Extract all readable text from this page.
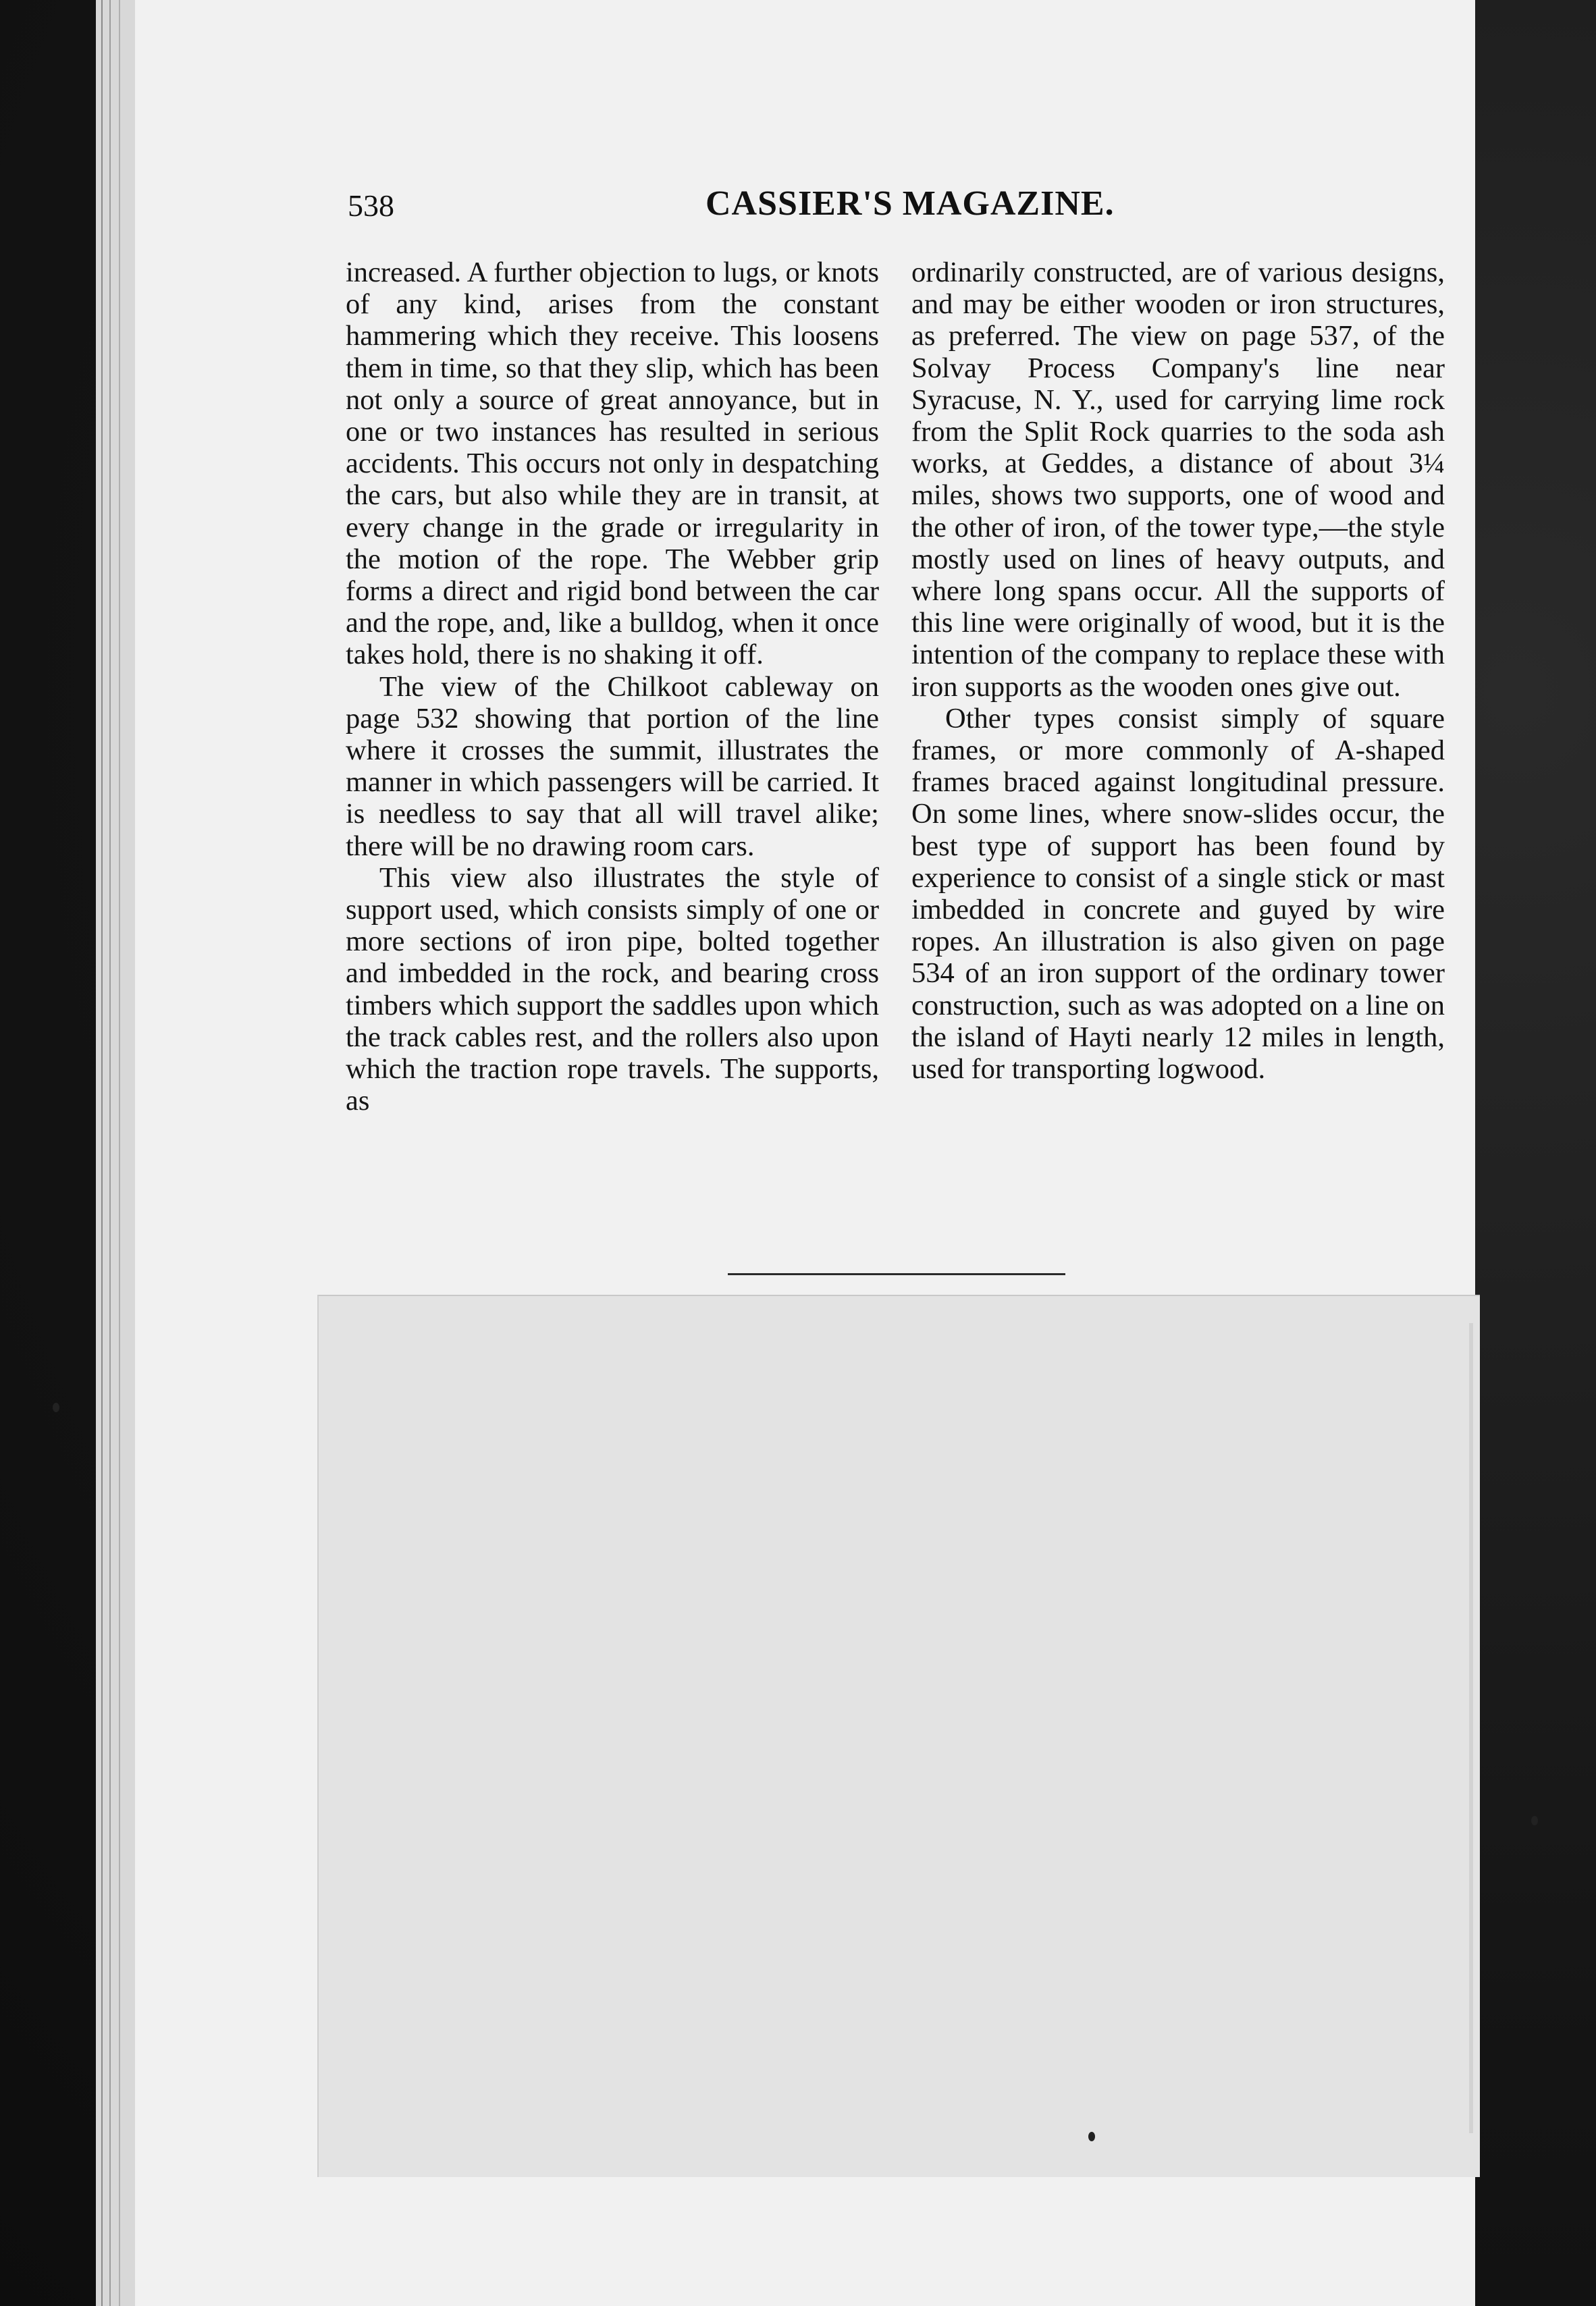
538	CASSIER'S MAGAZINE.

increased. A further objection to lugs, or knots of any kind, arises from the constant hammering which they receive. This loosens them in time, so that they slip, which has been not only a source of great annoyance, but in one or two instances has resulted in serious accidents. This occurs not only in despatching the cars, but also while they are in transit, at every change in the grade or irregularity in the motion of the rope. The Webber grip forms a direct and rigid bond between the car and the rope, and, like a bulldog, when it once takes hold, there is no shaking it off.

The view of the Chilkoot cableway on page 532 showing that portion of the line where it crosses the summit, illustrates the manner in which passengers will be carried. It is needless to say that all will travel alike; there will be no drawing room cars.

This view also illustrates the style of support used, which consists simply of one or more sections of iron pipe, bolted together and imbedded in the rock, and bearing cross timbers which support the saddles upon which the track cables rest, and the rollers also upon which the traction rope travels. The supports, as

ordinarily constructed, are of various designs, and may be either wooden or iron structures, as preferred. The view on page 537, of the Solvay Process Company's line near Syracuse, N. Y., used for carrying lime rock from the Split Rock quarries to the soda ash works, at Geddes, a distance of about 3¼ miles, shows two supports, one of wood and the other of iron, of the tower type,—the style mostly used on lines of heavy outputs, and where long spans occur. All the supports of this line were originally of wood, but it is the intention of the company to replace these with iron supports as the wooden ones give out.

Other types consist simply of square frames, or more commonly of A-shaped frames braced against longitudinal pressure. On some lines, where snow-slides occur, the best type of support has been found by experience to consist of a single stick or mast imbedded in concrete and guyed by wire ropes. An illustration is also given on page 534 of an iron support of the ordinary tower construction, such as was adopted on a line on the island of Hayti nearly 12 miles in length, used for transporting logwood.
